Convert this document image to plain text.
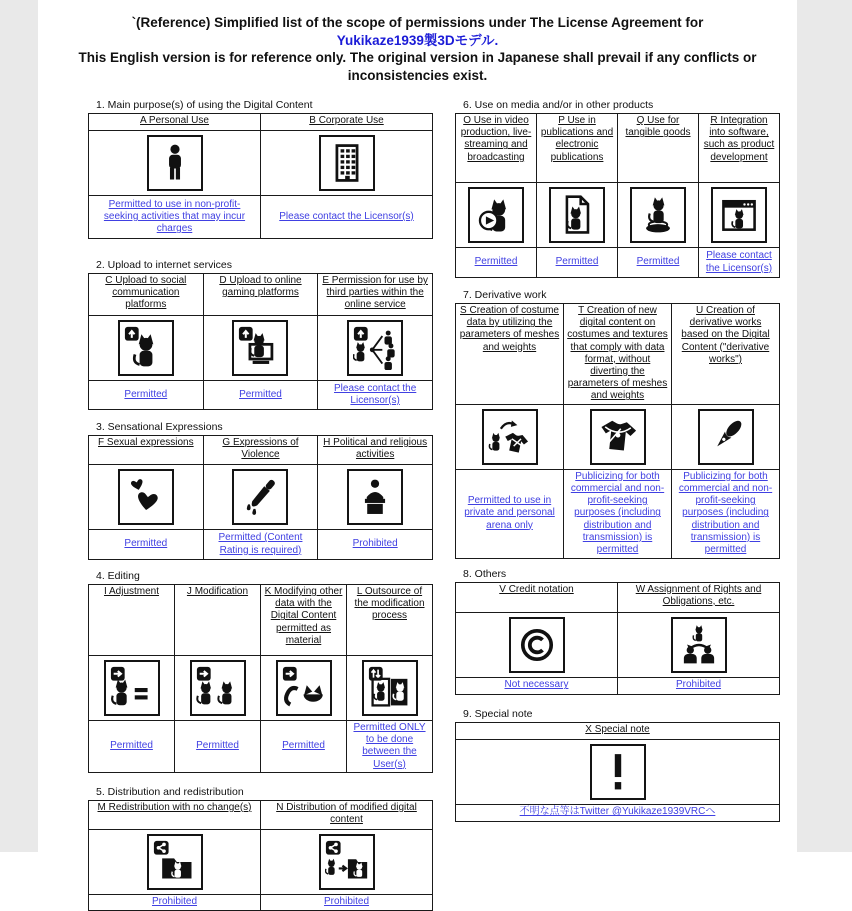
`(Reference) Simplified list of the scope of permissions under The License Agreement for
Yukikaze1939製3Dモデル.
This English version is for reference only. The original version in Japanese shall prevail if any conflicts or inconsistencies exist.
1. Main purpose(s) of using the Digital Content
A Personal Use	B Corporate Use

Permitted to use in non-profit-seeking activities that may incur charges	Please contact the Licensor(s)
2. Upload to internet services
C Upload to social communication platforms	D Upload to online gaming platforms	E Permission for use by third parties within the online service

Permitted	Permitted	Please contact the Licensor(s)
3. Sensational Expressions
F Sexual expressions	G Expressions of Violence	H Political and religious activities

Permitted	Permitted (Content Rating is required)	Prohibited
4. Editing
I Adjustment	J Modification	K Modifying other data with the Digital Content permitted as material	L Outsource of the modification process

Permitted	Permitted	Permitted	Permitted ONLY to be done between the User(s)
5. Distribution and redistribution
M Redistribution with no change(s)	N Distribution of modified digital content

Prohibited	Prohibited
6. Use on media and/or in other products
O Use in video production, live-streaming and broadcasting	P Use in publications and electronic publications	Q Use for tangible goods	R Integration into software, such as product development

Permitted	Permitted	Permitted	Please contact the Licensor(s)
7. Derivative work
S Creation of costume data by utilizing the parameters of meshes and weights	T Creation of new digital content on costumes and textures that comply with data format, without diverting the parameters of meshes and weights	U Creation of derivative works based on the Digital Content ("derivative works")

Permitted to use in private and personal arena only	Publicizing for both commercial and non-profit-seeking purposes (including distribution and transmission) is permitted	Publicizing for both commercial and non-profit-seeking purposes (including distribution and transmission) is permitted
8. Others
V Credit notation	W Assignment of Rights and Obligations, etc.

Not necessary	Prohibited
9. Special note
X Special note

不明な点等はTwitter @Yukikaze1939VRCへ
